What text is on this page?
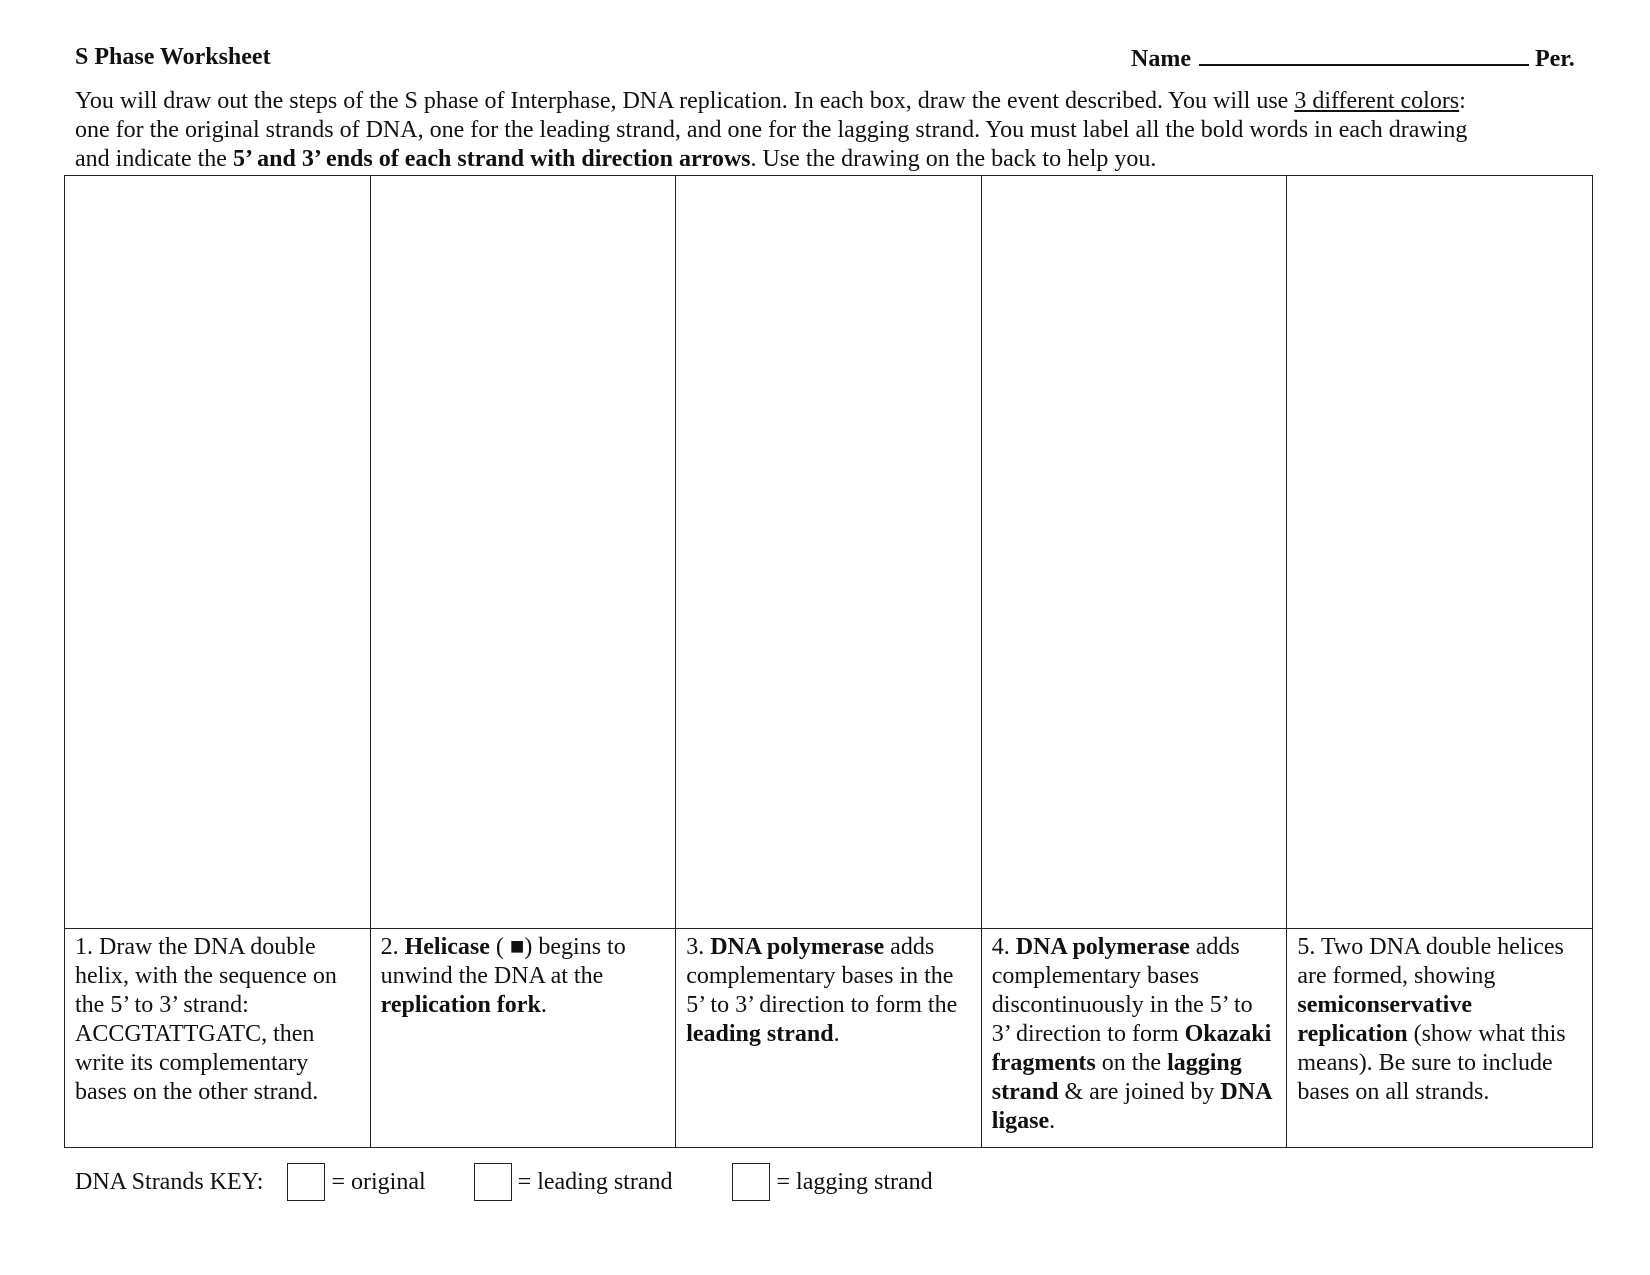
S Phase Worksheet	Name	Per.

You will draw out the steps of the S phase of Interphase, DNA replication. In each box, draw the event described. You will use 3 different colors:

one for the original strands of DNA, one for the leading strand, and one for the lagging strand. You must label all the bold words in each drawing

and indicate the 5’ and 3’ ends of each strand with direction arrows. Use the drawing on the back to help you.

1. Draw the DNA double helix, with the sequence on the 5’ to 3’ strand: ACCGTATTGATC, then write its complementary bases on the other strand.	2. Helicase ( ■) begins to unwind the DNA at the replication fork.	3. DNA polymerase adds complementary bases in the 5’ to 3’ direction to form the leading strand.	4. DNA polymerase adds complementary bases discontinuously in the 5’ to 3’ direction to form Okazaki fragments on the lagging strand & are joined by DNA ligase.	5. Two DNA double helices are formed, showing semiconservative replication (show what this means). Be sure to include bases on all strands.
DNA Strands KEY:	= original	= leading strand	= lagging strand
